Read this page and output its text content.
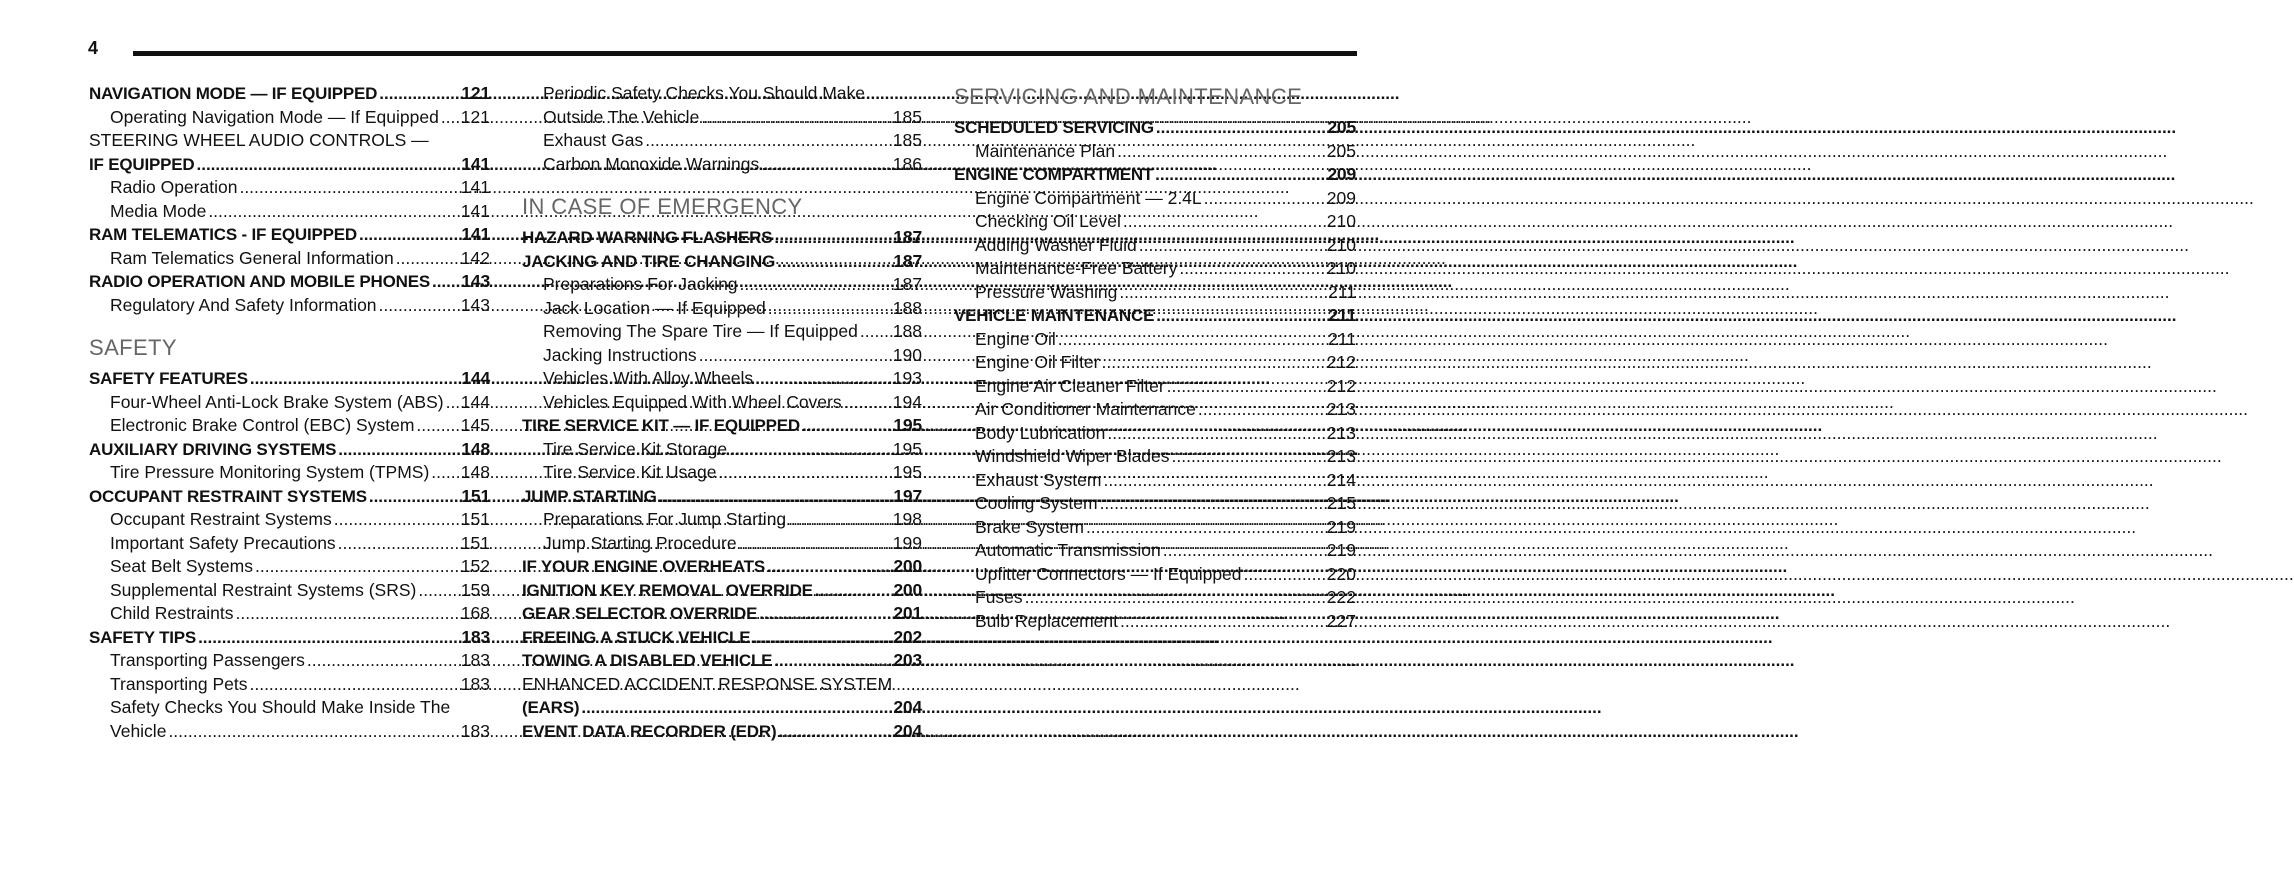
4
NAVIGATION MODE — IF EQUIPPED .....	121
Operating Navigation Mode — If Equipped ..... 121
STEERING WHEEL AUDIO CONTROLS —
IF EQUIPPED .....	141
Radio Operation .....	141
Media Mode .....	141
RAM TELEMATICS - IF EQUIPPED .....	141
Ram Telematics General Information .....	142
RADIO OPERATION AND MOBILE PHONES ..... 143
Regulatory And Safety Information .....	143
SAFETY
SAFETY FEATURES .....	144
Four-Wheel Anti-Lock Brake System (ABS) ..... 144
Electronic Brake Control (EBC) System .....	145
AUXILIARY DRIVING SYSTEMS .....	148
Tire Pressure Monitoring System (TPMS) ..... 148
OCCUPANT RESTRAINT SYSTEMS .....	151
Occupant Restraint Systems .....	151
Important Safety Precautions .....	151
Seat Belt Systems .....	152
Supplemental Restraint Systems (SRS) .....	159
Child Restraints .....	168
SAFETY TIPS .....	183
Transporting Passengers .....	183
Transporting Pets .....	183
Safety Checks You Should Make Inside The
Vehicle .....	183
Periodic Safety Checks You Should Make
Outside The Vehicle .....	185
Exhaust Gas .....	185
Carbon Monoxide Warnings .....	186
IN CASE OF EMERGENCY
HAZARD WARNING FLASHERS .....	187
JACKING AND TIRE CHANGING .....	187
Preparations For Jacking .....	187
Jack Location — If Equipped .....	188
Removing The Spare Tire — If Equipped ..... 188
Jacking Instructions .....	190
Vehicles With Alloy Wheels .....	193
Vehicles Equipped With Wheel Covers .....	194
TIRE SERVICE KIT — IF EQUIPPED .....	195
Tire Service Kit Storage .....	195
Tire Service Kit Usage .....	195
JUMP STARTING .....	197
Preparations For Jump Starting .....	198
Jump Starting Procedure .....	199
IF YOUR ENGINE OVERHEATS .....	200
IGNITION KEY REMOVAL OVERRIDE .....	200
GEAR SELECTOR OVERRIDE .....	201
FREEING A STUCK VEHICLE .....	202
TOWING A DISABLED VEHICLE .....	203
ENHANCED ACCIDENT RESPONSE SYSTEM
(EARS) .....	204
EVENT DATA RECORDER (EDR) .....	204
SERVICING AND MAINTENANCE
SCHEDULED SERVICING .....	205
Maintenance Plan .....	205
ENGINE COMPARTMENT .....	209
Engine Compartment — 2.4L .....	209
Checking Oil Level .....	210
Adding Washer Fluid .....	210
Maintenance-Free Battery .....	210
Pressure Washing .....	211
VEHICLE MAINTENANCE .....	211
Engine Oil .....	211
Engine Oil Filter .....	212
Engine Air Cleaner Filter .....	212
Air Conditioner Maintenance .....	213
Body Lubrication .....	213
Windshield Wiper Blades .....	213
Exhaust System .....	214
Cooling System .....	215
Brake System .....	219
Automatic Transmission .....	219
Upfitter Connectors — If Equipped .....	220
Fuses .....	222
Bulb Replacement .....	227
